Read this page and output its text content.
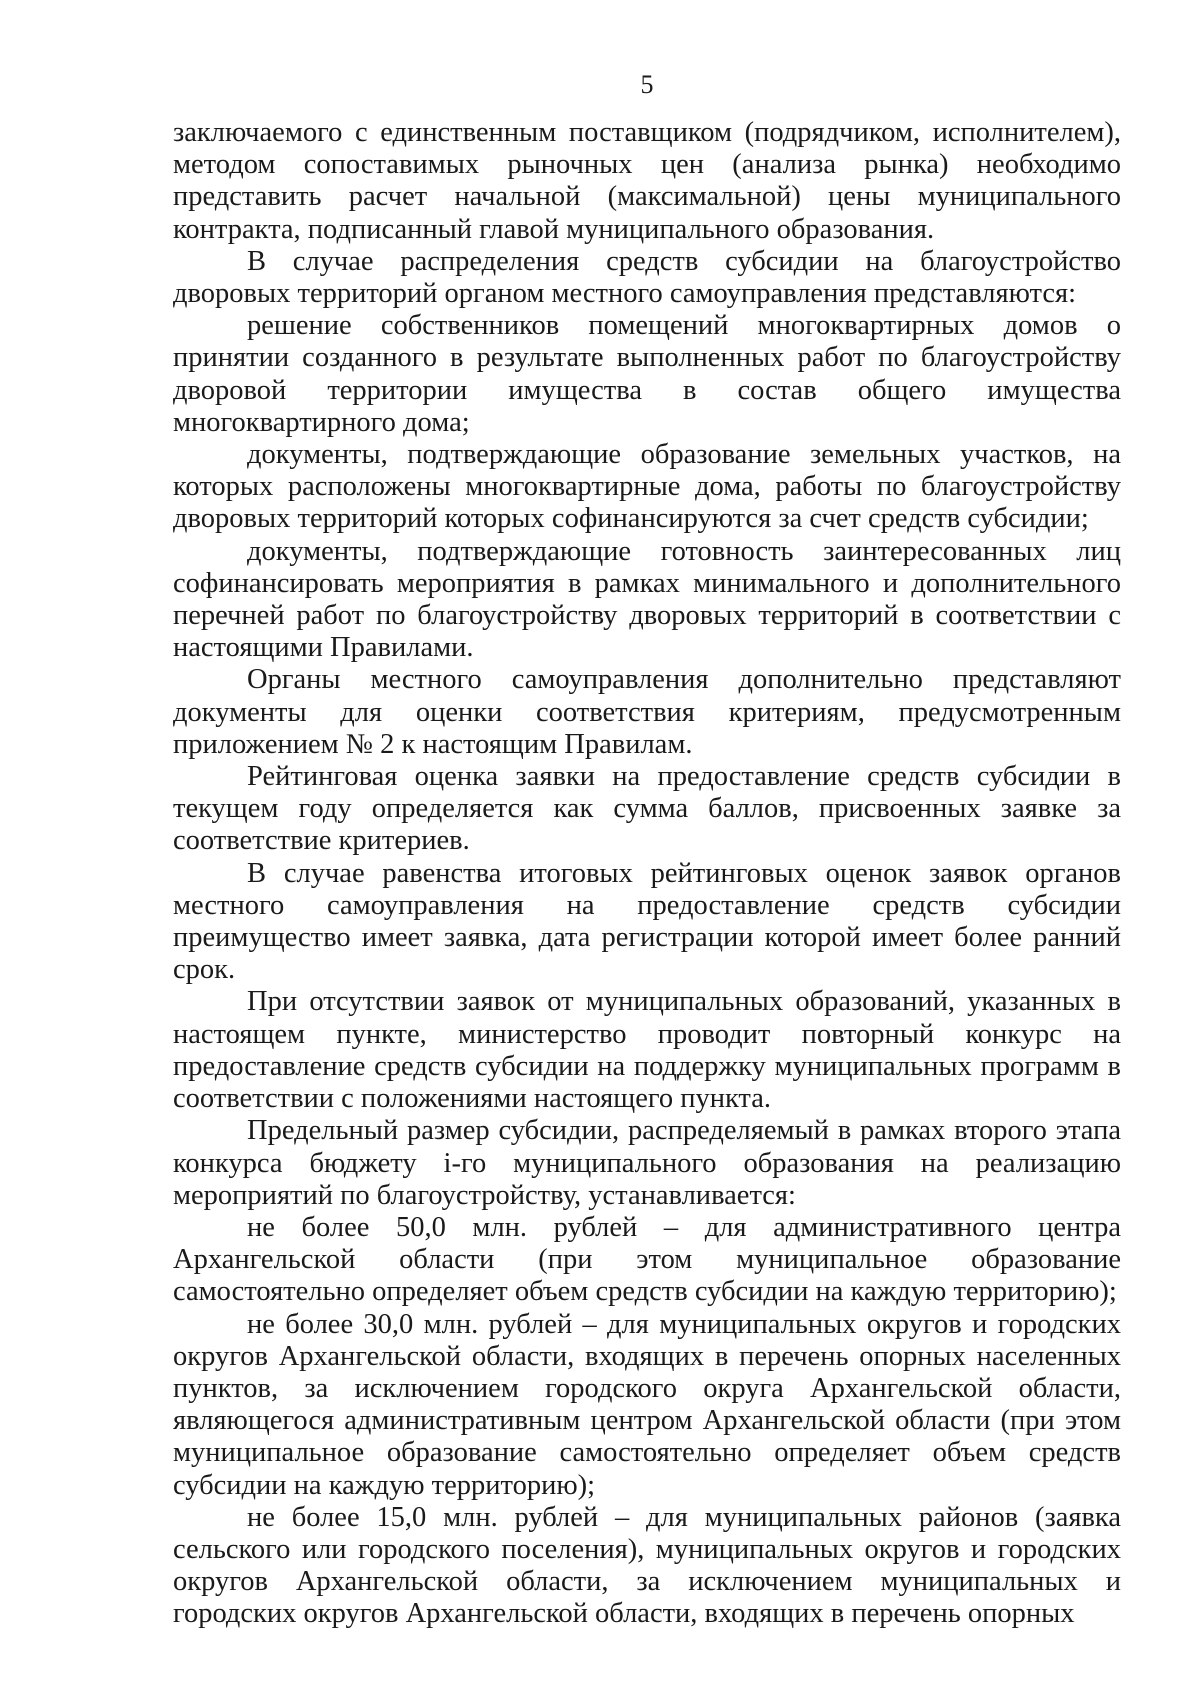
5

заключаемого с единственным поставщиком (подрядчиком, исполнителем), методом сопоставимых рыночных цен (анализа рынка) необходимо представить расчет начальной (максимальной) цены муниципального контракта, подписанный главой муниципального образования.

В случае распределения средств субсидии на благоустройство дворовых территорий органом местного самоуправления представляются:

решение собственников помещений многоквартирных домов о принятии созданного в результате выполненных работ по благоустройству дворовой территории имущества в состав общего имущества многоквартирного дома;

документы, подтверждающие образование земельных участков, на которых расположены многоквартирные дома, работы по благоустройству дворовых территорий которых софинансируются за счет средств субсидии;

документы, подтверждающие готовность заинтересованных лиц софинансировать мероприятия в рамках минимального и дополнительного перечней работ по благоустройству дворовых территорий в соответствии с настоящими Правилами.

Органы местного самоуправления дополнительно представляют документы для оценки соответствия критериям, предусмотренным приложением № 2 к настоящим Правилам.

Рейтинговая оценка заявки на предоставление средств субсидии в текущем году определяется как сумма баллов, присвоенных заявке за соответствие критериев.

В случае равенства итоговых рейтинговых оценок заявок органов местного самоуправления на предоставление средств субсидии преимущество имеет заявка, дата регистрации которой имеет более ранний срок.

При отсутствии заявок от муниципальных образований, указанных в настоящем пункте, министерство проводит повторный конкурс на предоставление средств субсидии на поддержку муниципальных программ в соответствии с положениями настоящего пункта.

Предельный размер субсидии, распределяемый в рамках второго этапа конкурса бюджету i-го муниципального образования на реализацию мероприятий по благоустройству, устанавливается:

не более 50,0 млн. рублей – для административного центра Архангельской области (при этом муниципальное образование самостоятельно определяет объем средств субсидии на каждую территорию);

не более 30,0 млн. рублей – для муниципальных округов и городских округов Архангельской области, входящих в перечень опорных населенных пунктов, за исключением городского округа Архангельской области, являющегося административным центром Архангельской области (при этом муниципальное образование самостоятельно определяет объем средств субсидии на каждую территорию);

не более 15,0 млн. рублей – для муниципальных районов (заявка сельского или городского поселения), муниципальных округов и городских округов Архангельской области, за исключением муниципальных и городских округов Архангельской области, входящих в перечень опорных
